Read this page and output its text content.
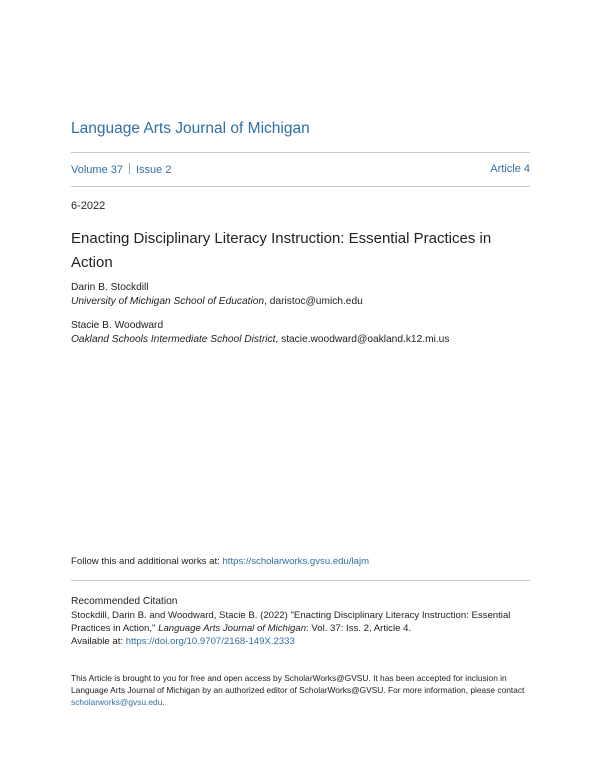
Language Arts Journal of Michigan
Volume 37 Issue 2	Article 4
6-2022
Enacting Disciplinary Literacy Instruction: Essential Practices in Action
Darin B. Stockdill
University of Michigan School of Education, daristoc@umich.edu
Stacie B. Woodward
Oakland Schools Intermediate School District, stacie.woodward@oakland.k12.mi.us
Follow this and additional works at: https://scholarworks.gvsu.edu/lajm
Recommended Citation
Stockdill, Darin B. and Woodward, Stacie B. (2022) "Enacting Disciplinary Literacy Instruction: Essential
Practices in Action," Language Arts Journal of Michigan: Vol. 37: Iss. 2, Article 4.
Available at: https://doi.org/10.9707/2168-149X.2333
This Article is brought to you for free and open access by ScholarWorks@GVSU. It has been accepted for inclusion in Language Arts Journal of Michigan by an authorized editor of ScholarWorks@GVSU. For more information, please contact scholarworks@gvsu.edu.
